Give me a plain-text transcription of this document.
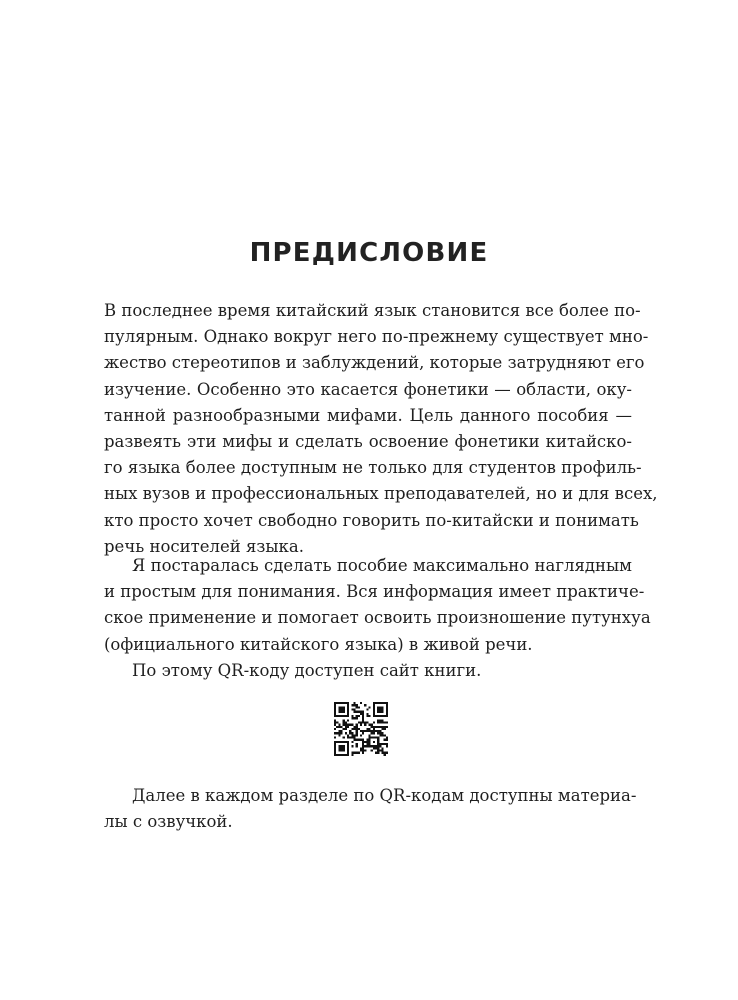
ПРЕДИСЛОВИЕ
В последнее время китайский язык становится все более по-
пулярным. Однако вокруг него по-прежнему существует мно-
жество стереотипов и заблуждений, которые затрудняют его
изучение. Особенно это касается фонетики — области, оку-
танной разнообразными мифами. Цель данного пособия —
развеять эти мифы и сделать освоение фонетики китайско-
го языка более доступным не только для студентов профиль-
ных вузов и профессиональных преподавателей, но и для всех,
кто просто хочет свободно говорить по-китайски и понимать
речь носителей языка.
Я постаралась сделать пособие максимально наглядным
и простым для понимания. Вся информация имеет практиче-
ское применение и помогает освоить произношение путунхуа
(официального китайского языка) в живой речи.
По этому QR-коду доступен сайт книги.
Далее в каждом разделе по QR-кодам доступны материа-
лы с озвучкой.
